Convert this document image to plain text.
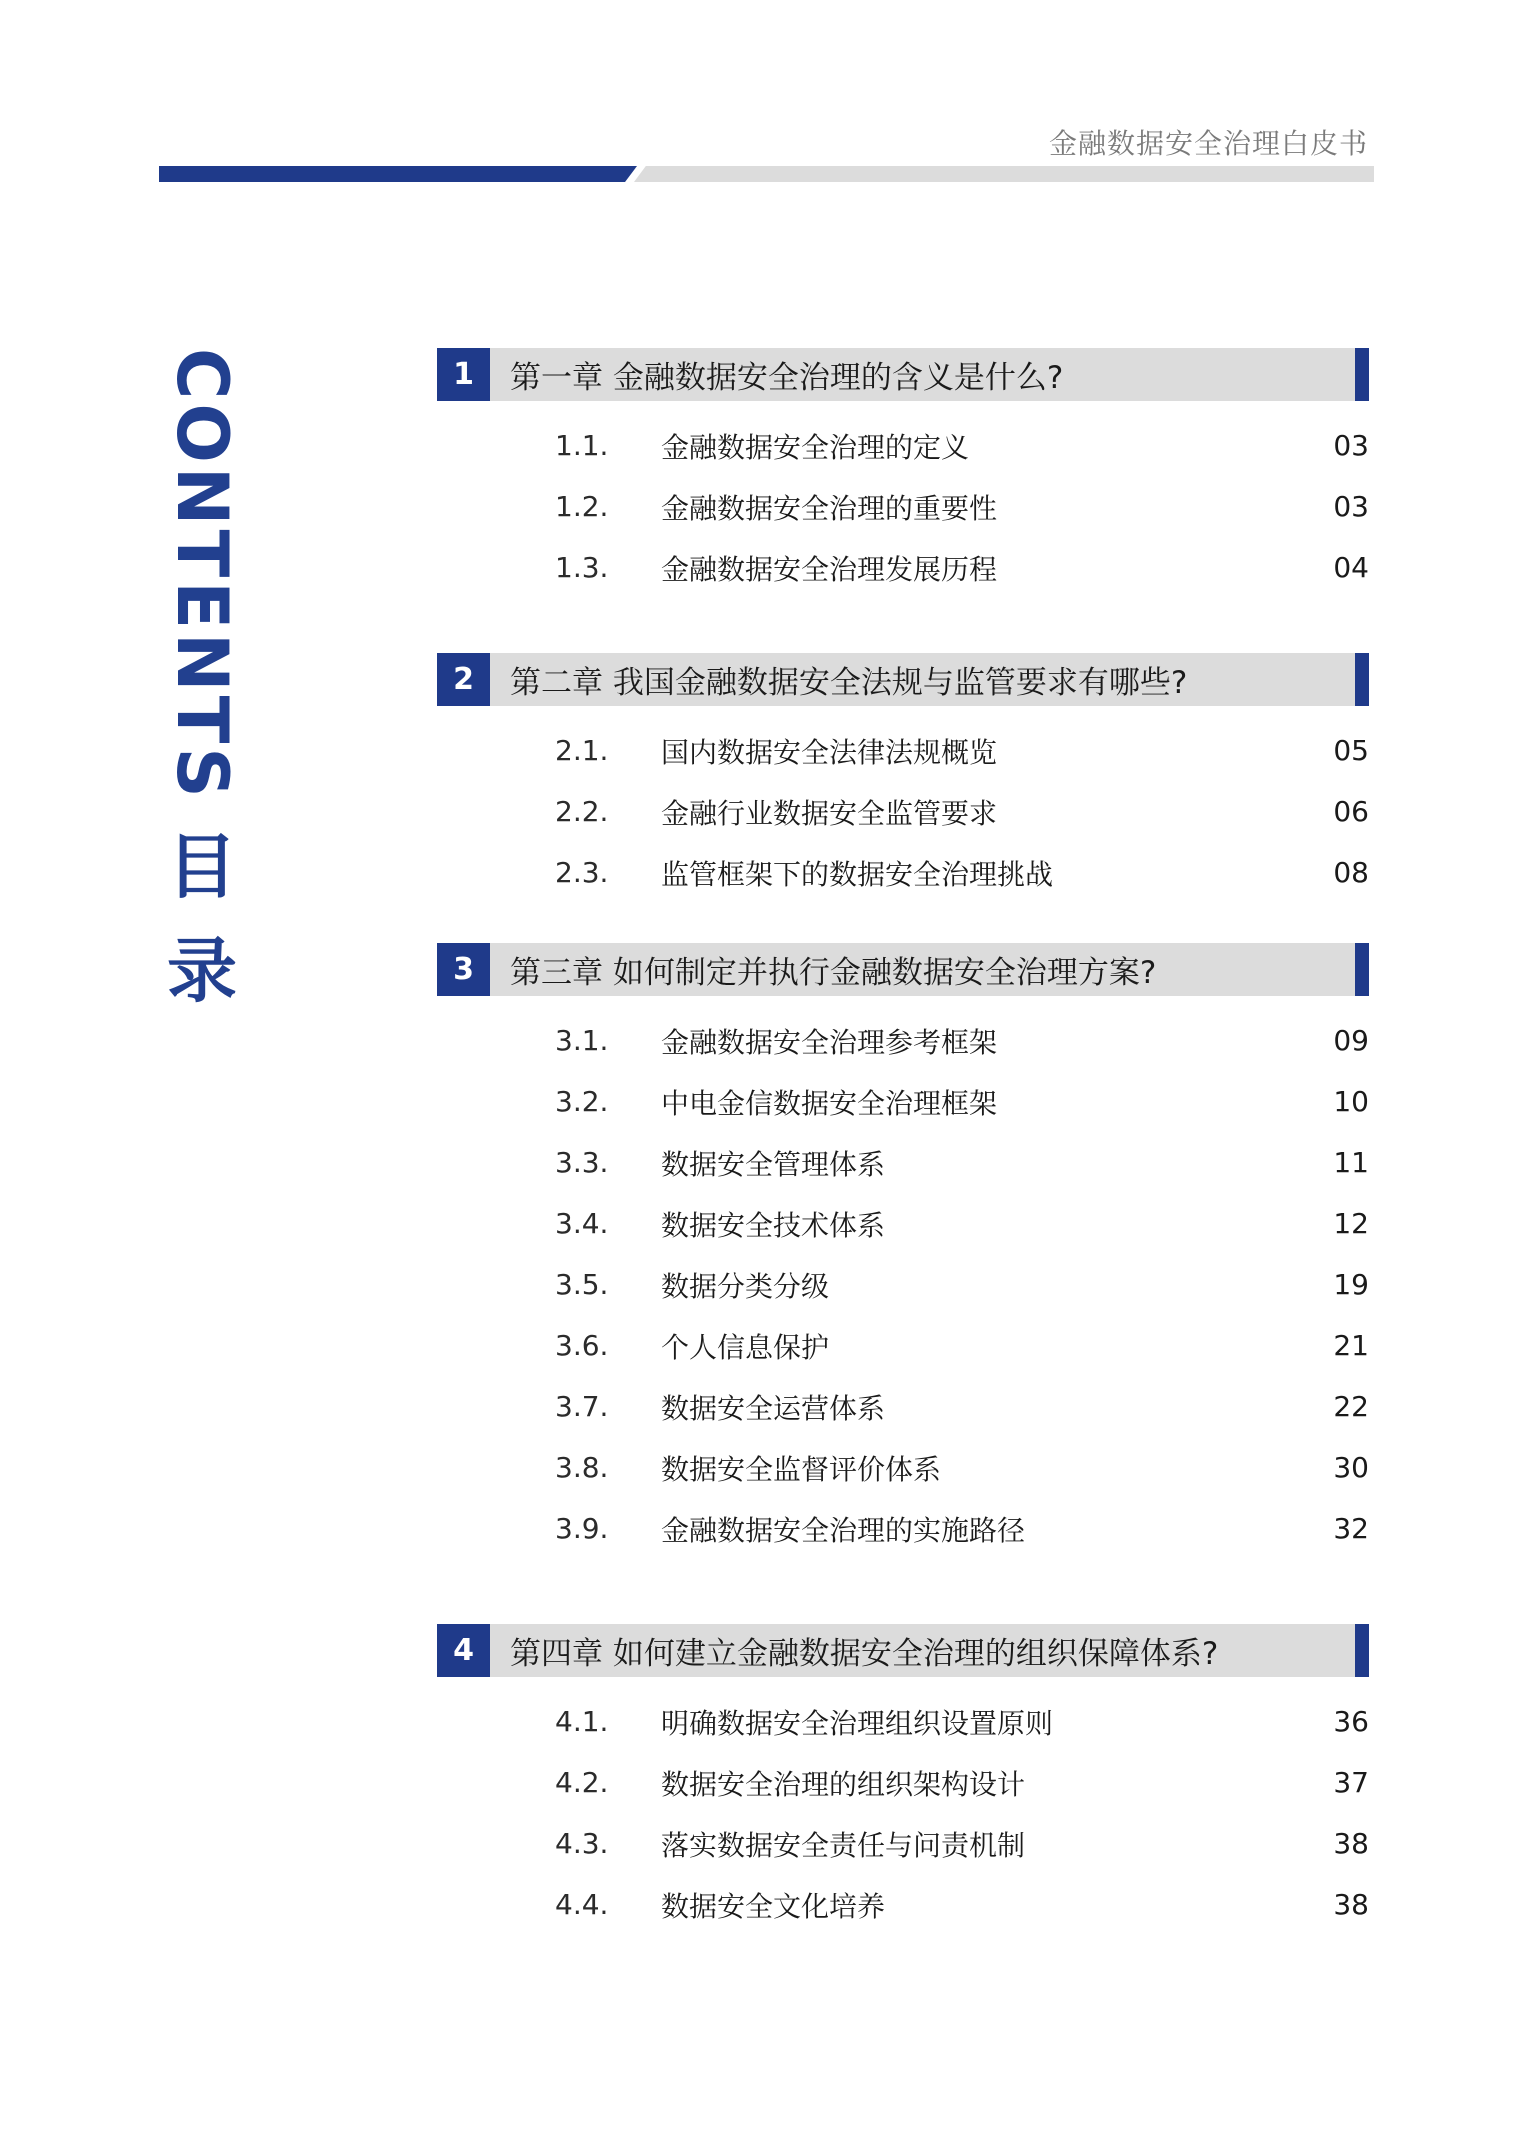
金融数据安全治理白皮书
CONTENTS
目
录
1	第一章 金融数据安全治理的含义是什么?
1.1. 金融数据安全治理的定义	03
1.2. 金融数据安全治理的重要性	03
1.3. 金融数据安全治理发展历程	04
2	第二章 我国金融数据安全法规与监管要求有哪些?
2.1. 国内数据安全法律法规概览	05
2.2. 金融行业数据安全监管要求	06
2.3. 监管框架下的数据安全治理挑战	08
3	第三章 如何制定并执行金融数据安全治理方案?
3.1. 金融数据安全治理参考框架	09
3.2. 中电金信数据安全治理框架	10
3.3. 数据安全管理体系	11
3.4. 数据安全技术体系	12
3.5. 数据分类分级	19
3.6. 个人信息保护	21
3.7. 数据安全运营体系	22
3.8. 数据安全监督评价体系	30
3.9. 金融数据安全治理的实施路径	32
4	第四章 如何建立金融数据安全治理的组织保障体系?
4.1. 明确数据安全治理组织设置原则	36
4.2. 数据安全治理的组织架构设计	37
4.3. 落实数据安全责任与问责机制	38
4.4. 数据安全文化培养	38
